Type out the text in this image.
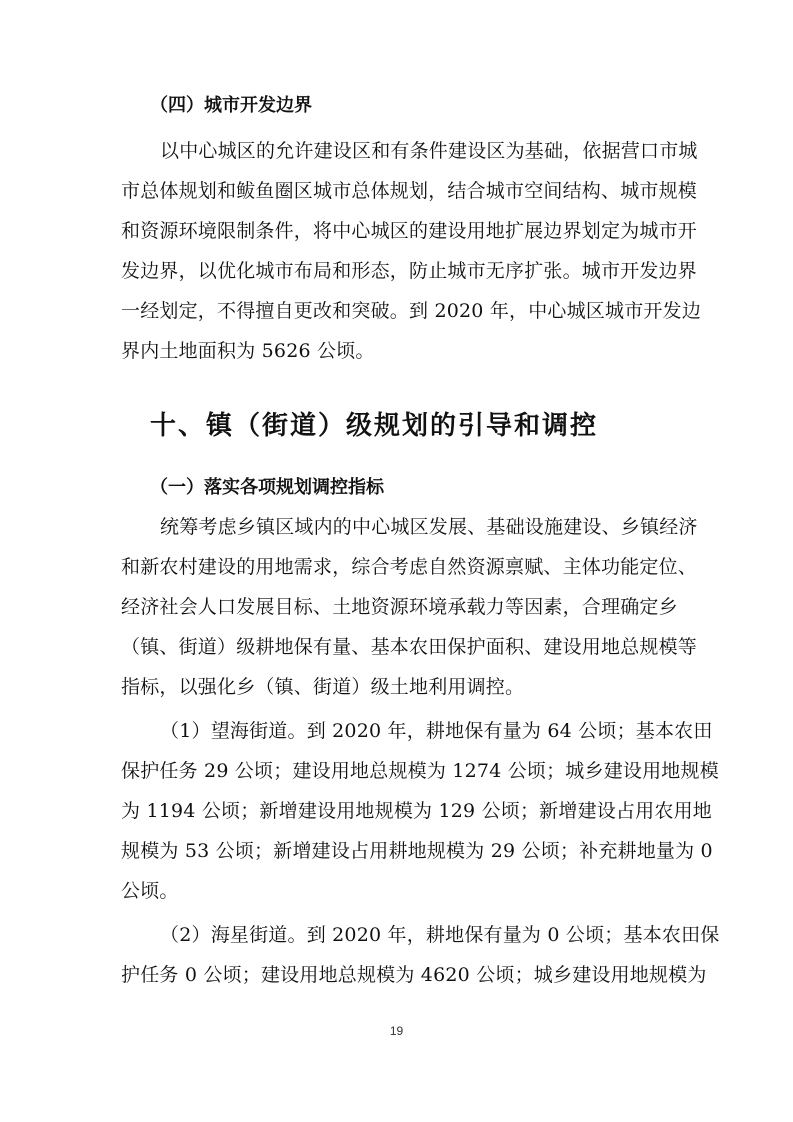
（四）城市开发边界
以中心城区的允许建设区和有条件建设区为基础，依据营口市城
市总体规划和鲅鱼圈区城市总体规划，结合城市空间结构、城市规模
和资源环境限制条件，将中心城区的建设用地扩展边界划定为城市开
发边界，以优化城市布局和形态，防止城市无序扩张。城市开发边界
一经划定，不得擅自更改和突破。到 2020 年，中心城区城市开发边
界内土地面积为 5626 公顷。
十、镇（街道）级规划的引导和调控
（一）落实各项规划调控指标
统筹考虑乡镇区域内的中心城区发展、基础设施建设、乡镇经济
和新农村建设的用地需求，综合考虑自然资源禀赋、主体功能定位、
经济社会人口发展目标、土地资源环境承载力等因素，合理确定乡
（镇、街道）级耕地保有量、基本农田保护面积、建设用地总规模等
指标，以强化乡（镇、街道）级土地利用调控。
（1）望海街道。到 2020 年，耕地保有量为 64 公顷；基本农田
保护任务 29 公顷；建设用地总规模为 1274 公顷；城乡建设用地规模
为 1194 公顷；新增建设用地规模为 129 公顷；新增建设占用农用地
规模为 53 公顷；新增建设占用耕地规模为 29 公顷；补充耕地量为 0
公顷。
（2）海星街道。到 2020 年，耕地保有量为 0 公顷；基本农田保
护任务 0 公顷；建设用地总规模为 4620 公顷；城乡建设用地规模为
19
